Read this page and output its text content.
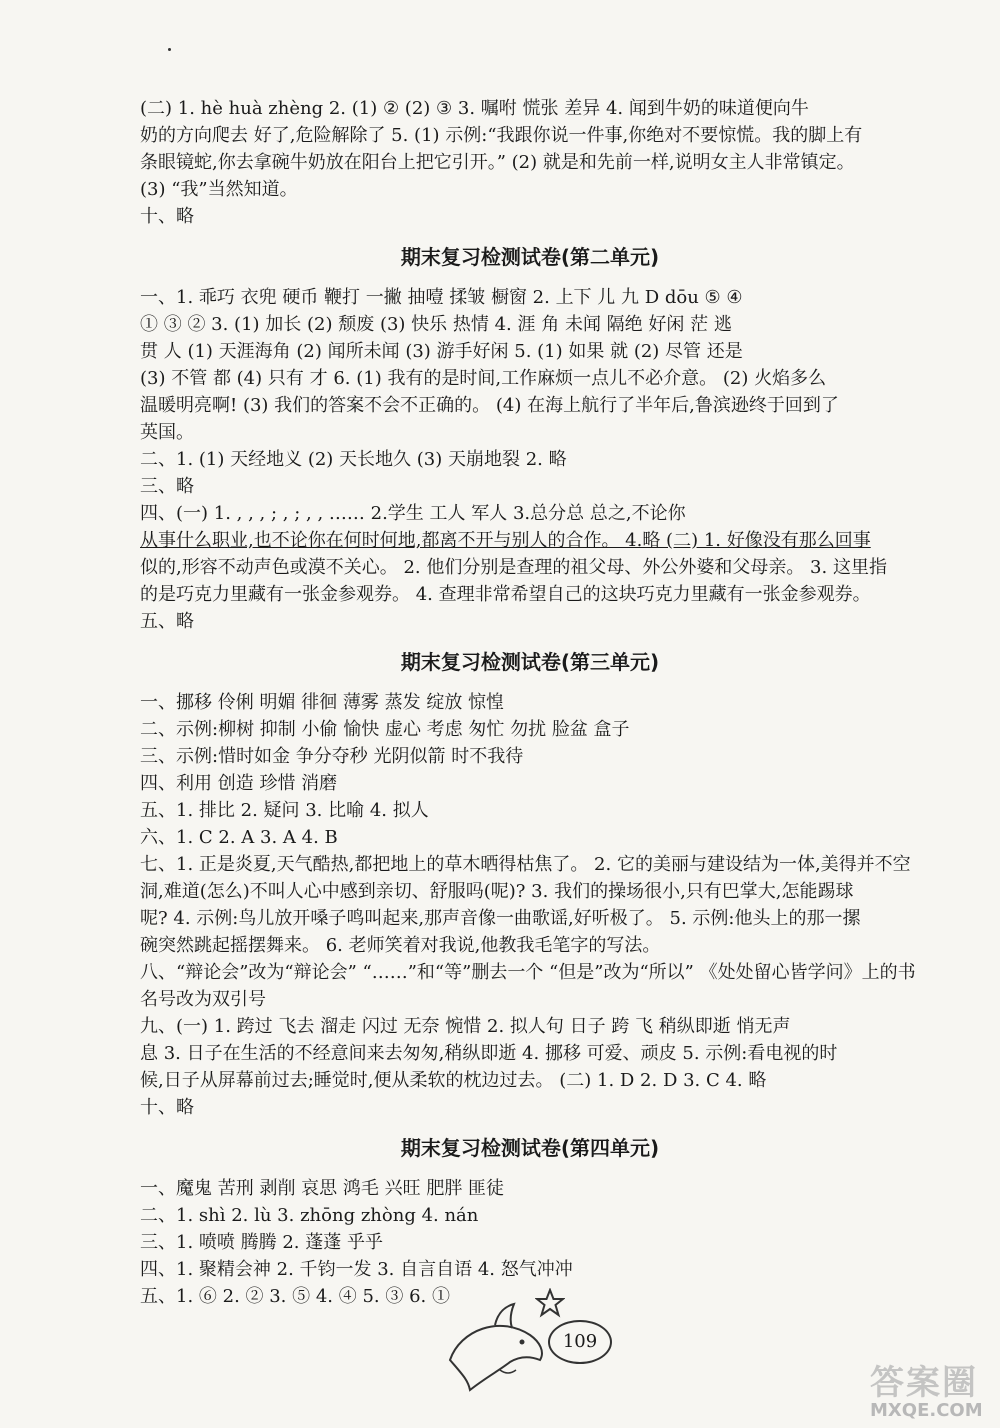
(二) 1. hè huà zhèng 2. (1) ② (2) ③ 3. 嘱咐 慌张 差异 4. 闻到牛奶的味道便向牛
奶的方向爬去 好了,危险解除了 5. (1) 示例:“我跟你说一件事,你绝对不要惊慌。我的脚上有
条眼镜蛇,你去拿碗牛奶放在阳台上把它引开。” (2) 就是和先前一样,说明女主人非常镇定。
(3) “我”当然知道。
十、略
期末复习检测试卷(第二单元)
一、1. 乖巧 衣兜 硬币 鞭打 一撇 抽噎 揉皱 橱窗 2. 上下 儿 九 D dōu ⑤ ④
① ③ ② 3. (1) 加长 (2) 颓废 (3) 快乐 热情 4. 涯 角 未闻 隔绝 好闲 茫 逃
贯 人 (1) 天涯海角 (2) 闻所未闻 (3) 游手好闲 5. (1) 如果 就 (2) 尽管 还是
(3) 不管 都 (4) 只有 才 6. (1) 我有的是时间,工作麻烦一点儿不必介意。 (2) 火焰多么
温暖明亮啊! (3) 我们的答案不会不正确的。 (4) 在海上航行了半年后,鲁滨逊终于回到了
英国。
二、1. (1) 天经地义 (2) 天长地久 (3) 天崩地裂 2. 略
三、略
四、(一) 1. , , , ; , ; , , …… 2.学生 工人 军人 3.总分总 总之,不论你
从事什么职业,也不论你在何时何地,都离不开与别人的合作。 4.略 (二) 1. 好像没有那么回事
似的,形容不动声色或漠不关心。 2. 他们分别是查理的祖父母、外公外婆和父母亲。 3. 这里指
的是巧克力里藏有一张金参观券。 4. 查理非常希望自己的这块巧克力里藏有一张金参观券。
五、略
期末复习检测试卷(第三单元)
一、挪移 伶俐 明媚 徘徊 薄雾 蒸发 绽放 惊惶
二、示例:柳树 抑制 小偷 愉快 虚心 考虑 匆忙 勿扰 脸盆 盒子
三、示例:惜时如金 争分夺秒 光阴似箭 时不我待
四、利用 创造 珍惜 消磨
五、1. 排比 2. 疑问 3. 比喻 4. 拟人
六、1. C 2. A 3. A 4. B
七、1. 正是炎夏,天气酷热,都把地上的草木晒得枯焦了。 2. 它的美丽与建设结为一体,美得并不空
洞,难道(怎么)不叫人心中感到亲切、舒服吗(呢)? 3. 我们的操场很小,只有巴掌大,怎能踢球
呢? 4. 示例:鸟儿放开嗓子鸣叫起来,那声音像一曲歌谣,好听极了。 5. 示例:他头上的那一摞
碗突然跳起摇摆舞来。 6. 老师笑着对我说,他教我毛笔字的写法。
八、“辩论会”改为“辩论会” “……”和“等”删去一个 “但是”改为“所以” 《处处留心皆学问》上的书
名号改为双引号
九、(一) 1. 跨过 飞去 溜走 闪过 无奈 惋惜 2. 拟人句 日子 跨 飞 稍纵即逝 悄无声
息 3. 日子在生活的不经意间来去匆匆,稍纵即逝 4. 挪移 可爱、顽皮 5. 示例:看电视的时
候,日子从屏幕前过去;睡觉时,便从柔软的枕边过去。 (二) 1. D 2. D 3. C 4. 略
十、略
期末复习检测试卷(第四单元)
一、魔鬼 苦刑 剥削 哀思 鸿毛 兴旺 肥胖 匪徒
二、1. shì 2. lù 3. zhōng zhòng 4. nán
三、1. 喷喷 腾腾 2. 蓬蓬 乎乎
四、1. 聚精会神 2. 千钧一发 3. 自言自语 4. 怒气冲冲
五、1. ⑥ 2. ② 3. ⑤ 4. ④ 5. ③ 6. ①
109
答案圈
MXQE.COM
